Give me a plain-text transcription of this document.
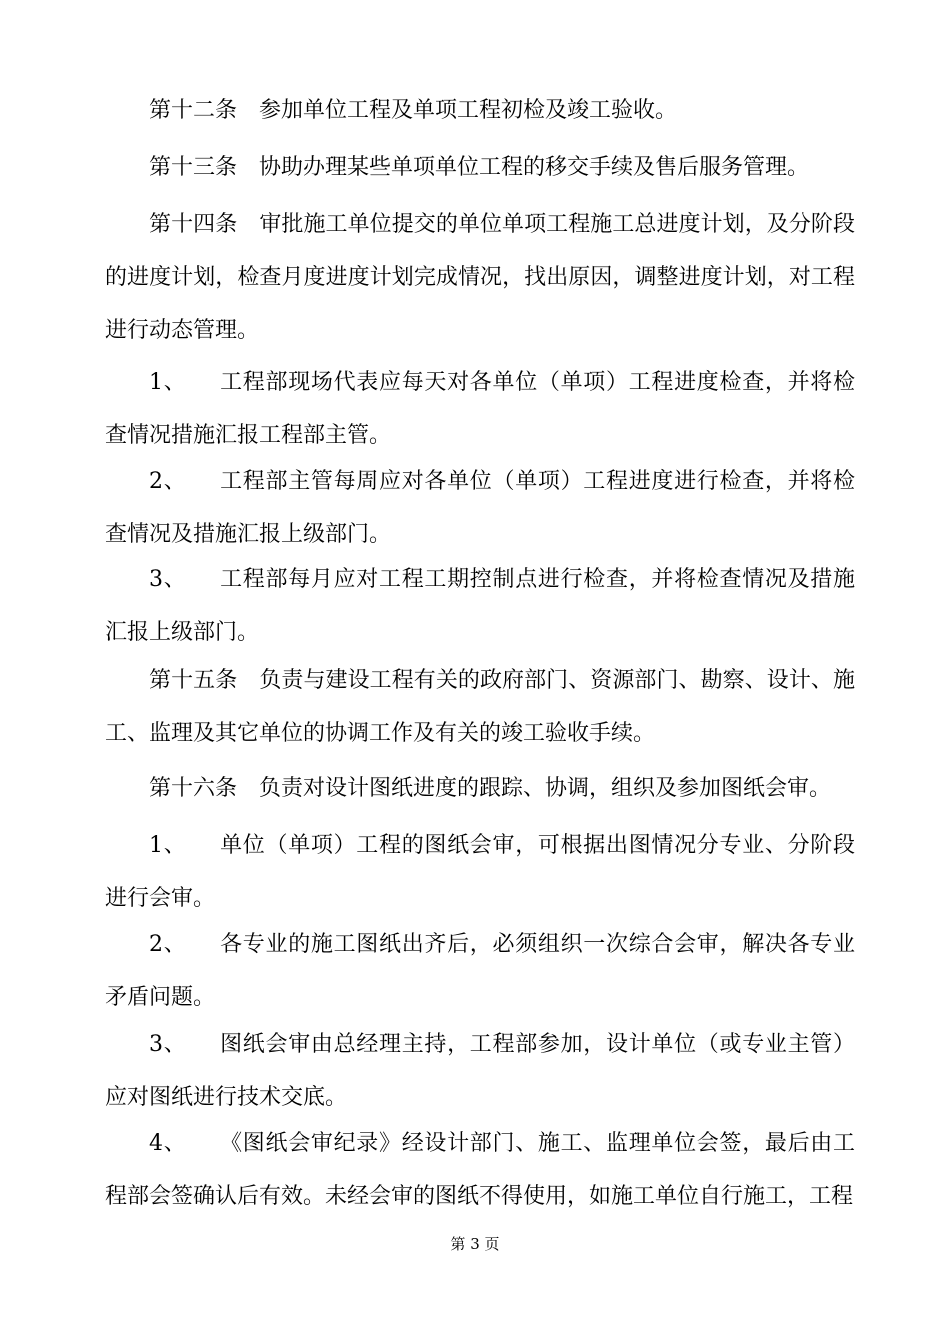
第十二条 参加单位工程及单项工程初检及竣工验收。

第十三条 协助办理某些单项单位工程的移交手续及售后服务管理。

第十四条 审批施工单位提交的单位单项工程施工总进度计划，及分阶段的进度计划，检查月度进度计划完成情况，找出原因，调整进度计划，对工程进行动态管理。

1、 工程部现场代表应每天对各单位（单项）工程进度检查，并将检查情况措施汇报工程部主管。

2、 工程部主管每周应对各单位（单项）工程进度进行检查，并将检查情况及措施汇报上级部门。

3、 工程部每月应对工程工期控制点进行检查，并将检查情况及措施汇报上级部门。

第十五条 负责与建设工程有关的政府部门、资源部门、勘察、设计、施工、监理及其它单位的协调工作及有关的竣工验收手续。

第十六条 负责对设计图纸进度的跟踪、协调，组织及参加图纸会审。

1、 单位（单项）工程的图纸会审，可根据出图情况分专业、分阶段进行会审。

2、 各专业的施工图纸出齐后，必须组织一次综合会审，解决各专业矛盾问题。

3、 图纸会审由总经理主持，工程部参加，设计单位（或专业主管）应对图纸进行技术交底。

4、 《图纸会审纪录》经设计部门、施工、监理单位会签，最后由工程部会签确认后有效。未经会审的图纸不得使用，如施工单位自行施工，工程

第 3 页
